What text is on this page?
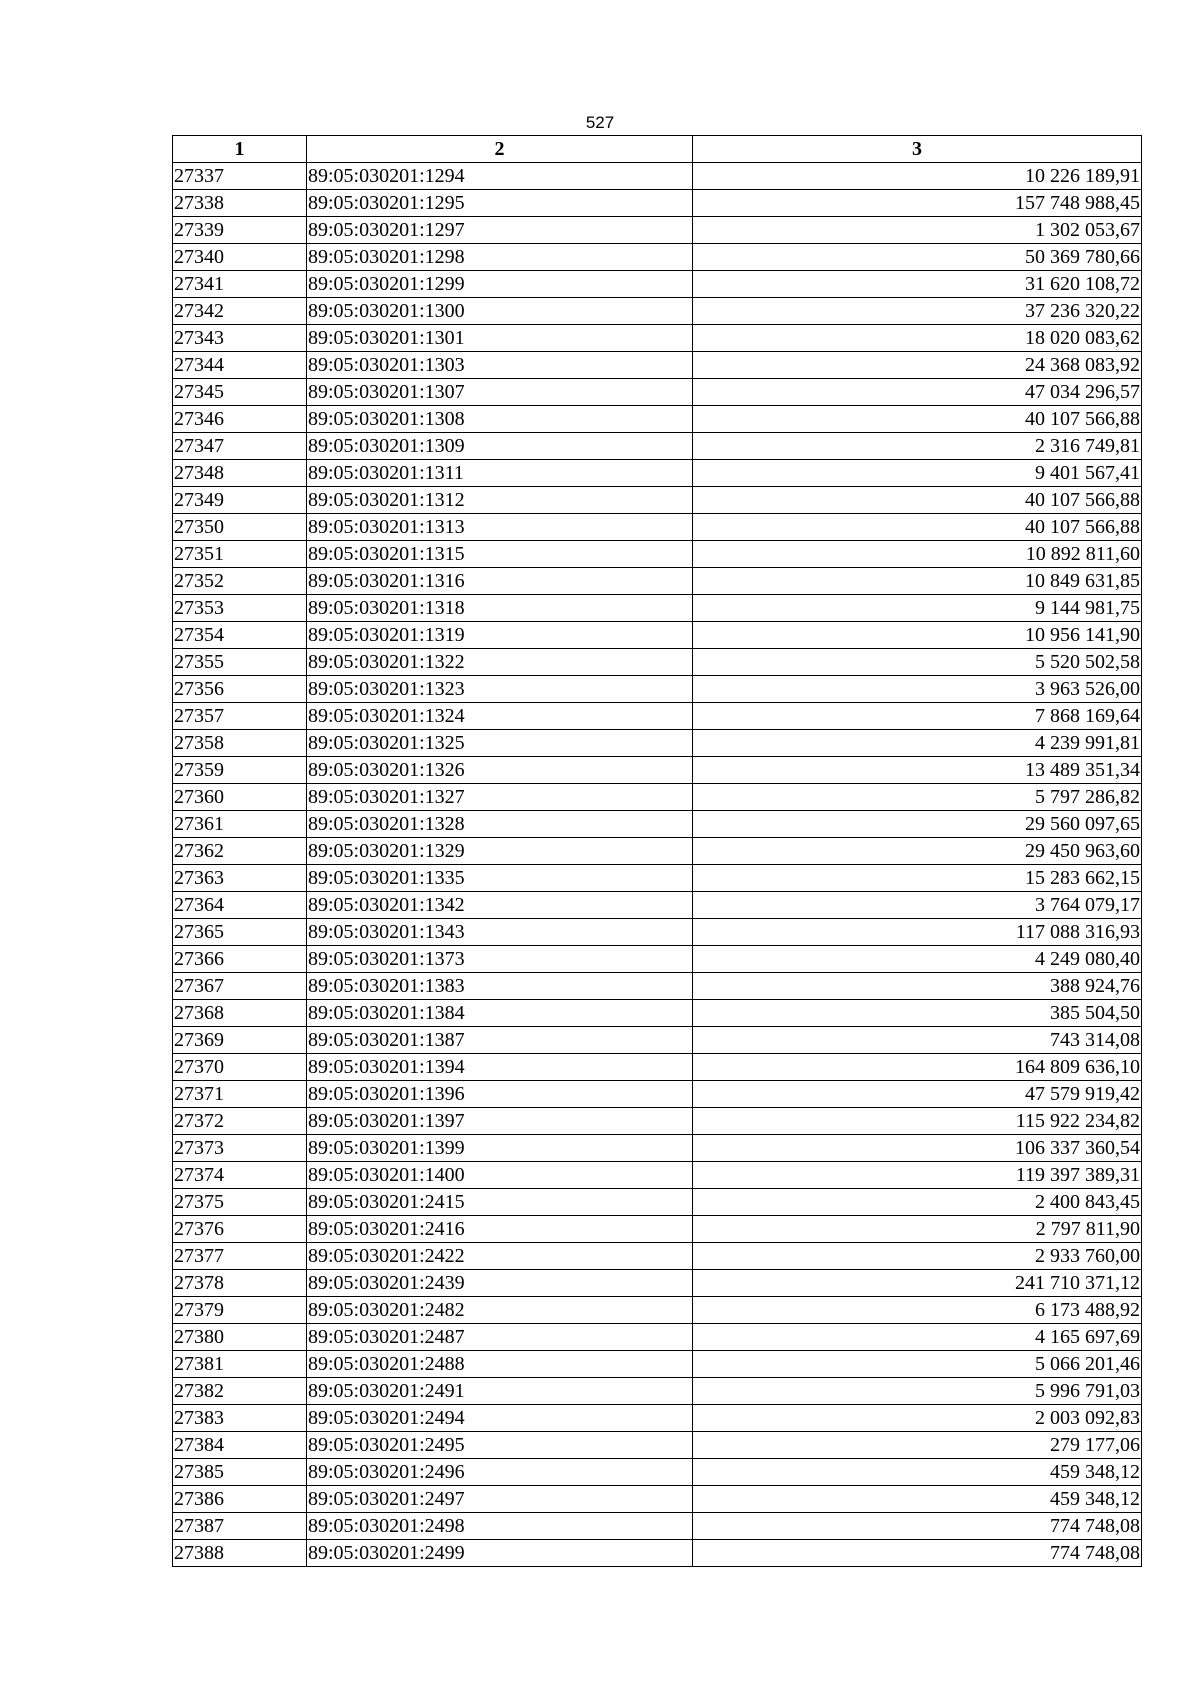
527
1	2	3
27337	89:05:030201:1294	10 226 189,91
27338	89:05:030201:1295	157 748 988,45
27339	89:05:030201:1297	1 302 053,67
27340	89:05:030201:1298	50 369 780,66
27341	89:05:030201:1299	31 620 108,72
27342	89:05:030201:1300	37 236 320,22
27343	89:05:030201:1301	18 020 083,62
27344	89:05:030201:1303	24 368 083,92
27345	89:05:030201:1307	47 034 296,57
27346	89:05:030201:1308	40 107 566,88
27347	89:05:030201:1309	2 316 749,81
27348	89:05:030201:1311	9 401 567,41
27349	89:05:030201:1312	40 107 566,88
27350	89:05:030201:1313	40 107 566,88
27351	89:05:030201:1315	10 892 811,60
27352	89:05:030201:1316	10 849 631,85
27353	89:05:030201:1318	9 144 981,75
27354	89:05:030201:1319	10 956 141,90
27355	89:05:030201:1322	5 520 502,58
27356	89:05:030201:1323	3 963 526,00
27357	89:05:030201:1324	7 868 169,64
27358	89:05:030201:1325	4 239 991,81
27359	89:05:030201:1326	13 489 351,34
27360	89:05:030201:1327	5 797 286,82
27361	89:05:030201:1328	29 560 097,65
27362	89:05:030201:1329	29 450 963,60
27363	89:05:030201:1335	15 283 662,15
27364	89:05:030201:1342	3 764 079,17
27365	89:05:030201:1343	117 088 316,93
27366	89:05:030201:1373	4 249 080,40
27367	89:05:030201:1383	388 924,76
27368	89:05:030201:1384	385 504,50
27369	89:05:030201:1387	743 314,08
27370	89:05:030201:1394	164 809 636,10
27371	89:05:030201:1396	47 579 919,42
27372	89:05:030201:1397	115 922 234,82
27373	89:05:030201:1399	106 337 360,54
27374	89:05:030201:1400	119 397 389,31
27375	89:05:030201:2415	2 400 843,45
27376	89:05:030201:2416	2 797 811,90
27377	89:05:030201:2422	2 933 760,00
27378	89:05:030201:2439	241 710 371,12
27379	89:05:030201:2482	6 173 488,92
27380	89:05:030201:2487	4 165 697,69
27381	89:05:030201:2488	5 066 201,46
27382	89:05:030201:2491	5 996 791,03
27383	89:05:030201:2494	2 003 092,83
27384	89:05:030201:2495	279 177,06
27385	89:05:030201:2496	459 348,12
27386	89:05:030201:2497	459 348,12
27387	89:05:030201:2498	774 748,08
27388	89:05:030201:2499	774 748,08
